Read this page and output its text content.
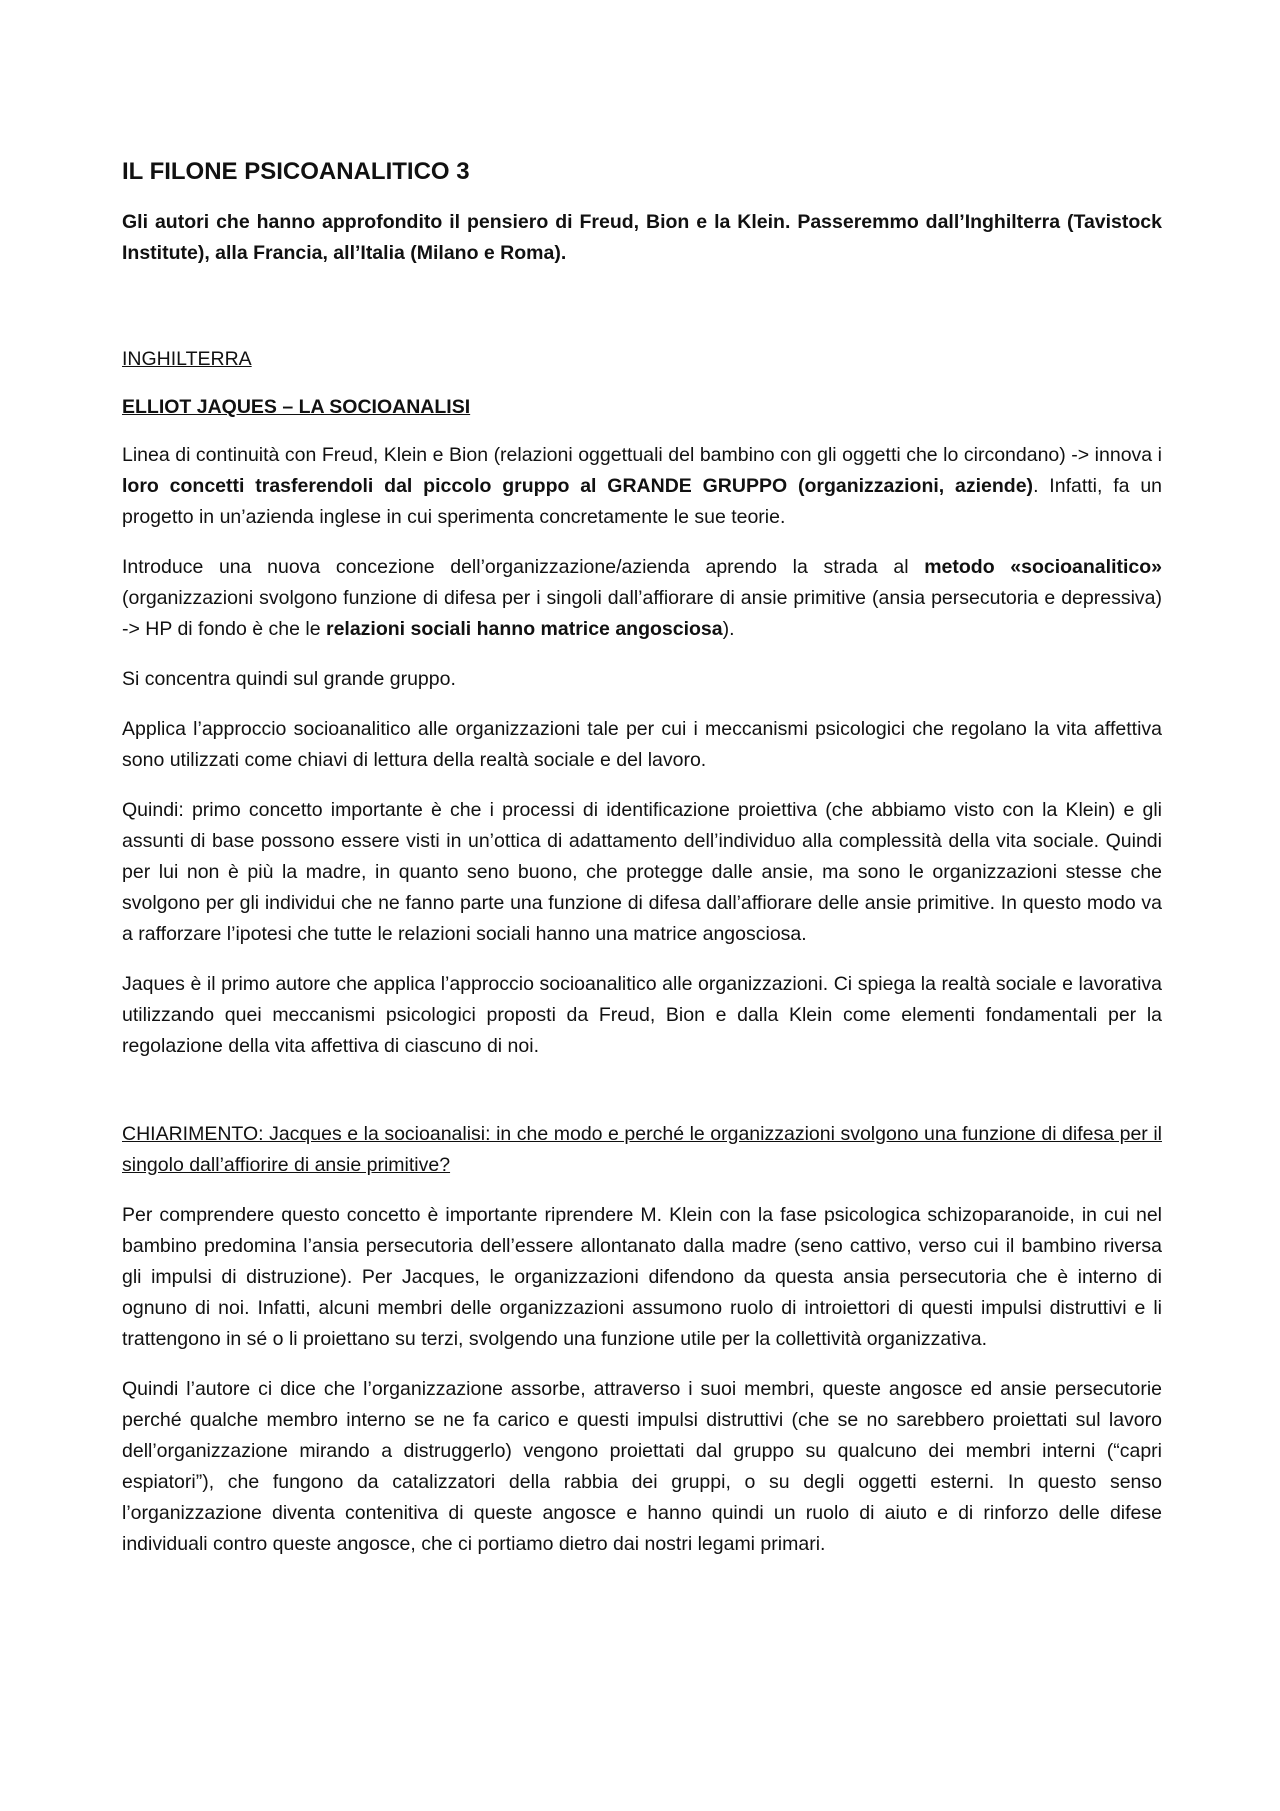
IL FILONE PSICOANALITICO 3

Gli autori che hanno approfondito il pensiero di Freud, Bion e la Klein. Passeremmo dall’Inghilterra (Tavistock Institute), alla Francia, all’Italia (Milano e Roma).

INGHILTERRA

ELLIOT JAQUES – LA SOCIOANALISI

Linea di continuità con Freud, Klein e Bion (relazioni oggettuali del bambino con gli oggetti che lo circondano) -> innova i loro concetti trasferendoli dal piccolo gruppo al GRANDE GRUPPO (organizzazioni, aziende). Infatti, fa un progetto in un’azienda inglese in cui sperimenta concretamente le sue teorie.

Introduce una nuova concezione dell’organizzazione/azienda aprendo la strada al metodo «socioanalitico» (organizzazioni svolgono funzione di difesa per i singoli dall’affiorare di ansie primitive (ansia persecutoria e depressiva) -> HP di fondo è che le relazioni sociali hanno matrice angosciosa).

Si concentra quindi sul grande gruppo.

Applica l’approccio socioanalitico alle organizzazioni tale per cui i meccanismi psicologici che regolano la vita affettiva sono utilizzati come chiavi di lettura della realtà sociale e del lavoro.

Quindi: primo concetto importante è che i processi di identificazione proiettiva (che abbiamo visto con la Klein) e gli assunti di base possono essere visti in un’ottica di adattamento dell’individuo alla complessità della vita sociale. Quindi per lui non è più la madre, in quanto seno buono, che protegge dalle ansie, ma sono le organizzazioni stesse che svolgono per gli individui che ne fanno parte una funzione di difesa dall’affiorare delle ansie primitive. In questo modo va a rafforzare l’ipotesi che tutte le relazioni sociali hanno una matrice angosciosa.

Jaques è il primo autore che applica l’approccio socioanalitico alle organizzazioni. Ci spiega la realtà sociale e lavorativa utilizzando quei meccanismi psicologici proposti da Freud, Bion e dalla Klein come elementi fondamentali per la regolazione della vita affettiva di ciascuno di noi.

CHIARIMENTO: Jacques e la socioanalisi: in che modo e perché le organizzazioni svolgono una funzione di difesa per il singolo dall’affiorire di ansie primitive?

Per comprendere questo concetto è importante riprendere M. Klein con la fase psicologica schizoparanoide, in cui nel bambino predomina l’ansia persecutoria dell’essere allontanato dalla madre (seno cattivo, verso cui il bambino riversa gli impulsi di distruzione). Per Jacques, le organizzazioni difendono da questa ansia persecutoria che è interno di ognuno di noi. Infatti, alcuni membri delle organizzazioni assumono ruolo di introiettori di questi impulsi distruttivi e li trattengono in sé o li proiettano su terzi, svolgendo una funzione utile per la collettività organizzativa.

Quindi l’autore ci dice che l’organizzazione assorbe, attraverso i suoi membri, queste angosce ed ansie persecutorie perché qualche membro interno se ne fa carico e questi impulsi distruttivi (che se no sarebbero proiettati sul lavoro dell’organizzazione mirando a distruggerlo) vengono proiettati dal gruppo su qualcuno dei membri interni (“capri espiatori”), che fungono da catalizzatori della rabbia dei gruppi, o su degli oggetti esterni. In questo senso l’organizzazione diventa contenitiva di queste angosce e hanno quindi un ruolo di aiuto e di rinforzo delle difese individuali contro queste angosce, che ci portiamo dietro dai nostri legami primari.
